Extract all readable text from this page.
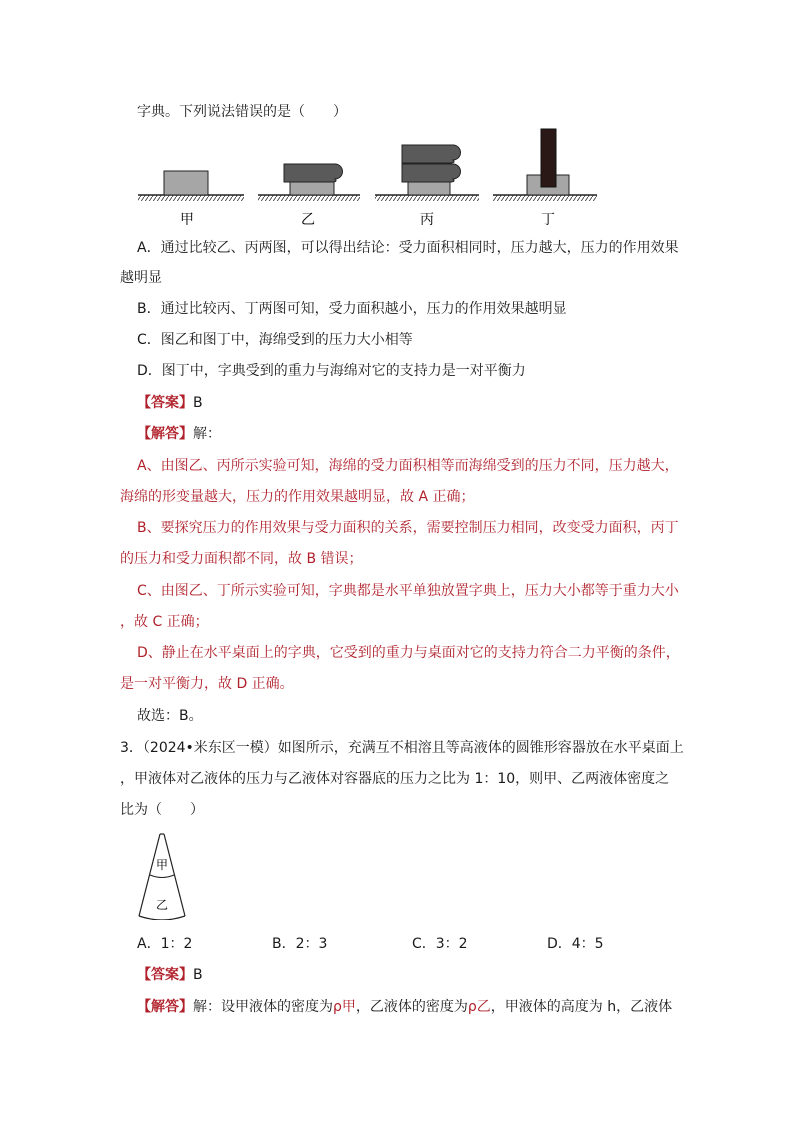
字典。下列说法错误的是（　　）
甲	乙	丙	丁
A．通过比较乙、丙两图，可以得出结论：受力面积相同时，压力越大，压力的作用效果
越明显
B．通过比较丙、丁两图可知，受力面积越小，压力的作用效果越明显
C．图乙和图丁中，海绵受到的压力大小相等
D．图丁中，字典受到的重力与海绵对它的支持力是一对平衡力
【答案】B
【解答】解：
A、由图乙、丙所示实验可知，海绵的受力面积相等而海绵受到的压力不同，压力越大，
海绵的形变量越大，压力的作用效果越明显，故 A 正确；
B、要探究压力的作用效果与受力面积的关系，需要控制压力相同，改变受力面积，丙丁
的压力和受力面积都不同，故 B 错误；
C、由图乙、丁所示实验可知，字典都是水平单独放置字典上，压力大小都等于重力大小
，故 C 正确；
D、静止在水平桌面上的字典，它受到的重力与桌面对它的支持力符合二力平衡的条件，
是一对平衡力，故 D 正确。
故选：B。
3．（2024•米东区一模）如图所示，充满互不相溶且等高液体的圆锥形容器放在水平桌面上
，甲液体对乙液体的压力与乙液体对容器底的压力之比为 1：10，则甲、乙两液体密度之
比为（　　）
甲
乙
A．1：2	B．2：3	C．3：2	D．4：5
【答案】B
【解答】解：设甲液体的密度为ρ甲，乙液体的密度为ρ乙，甲液体的高度为 h，乙液体
